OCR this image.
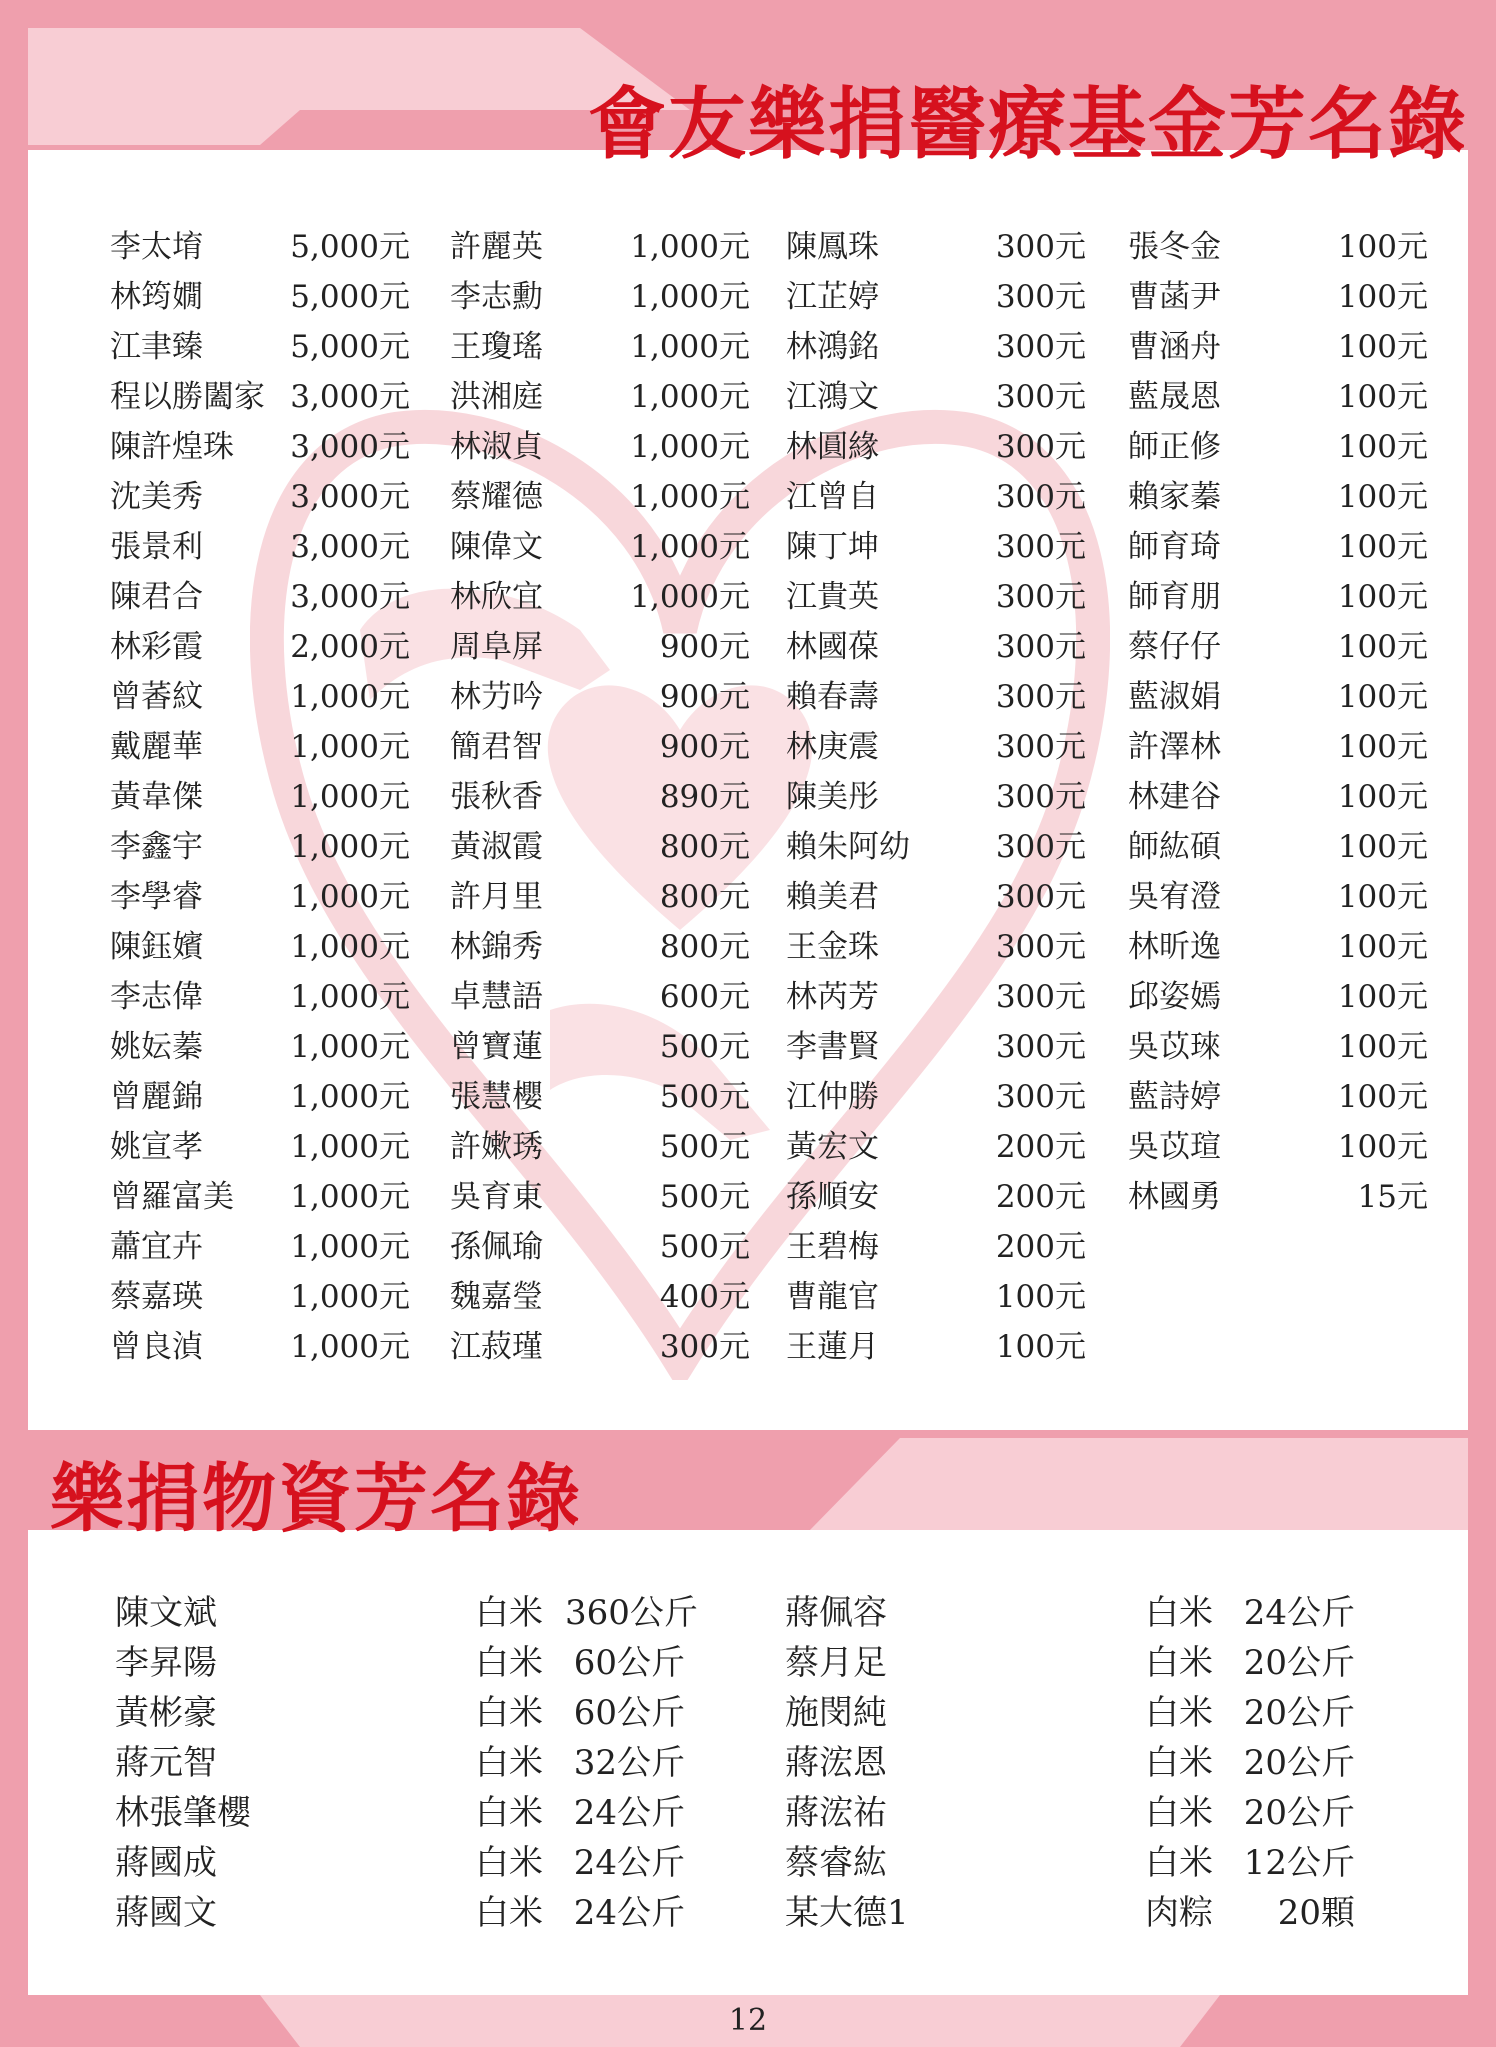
會友樂捐醫療基金芳名錄
樂捐物資芳名錄
李太堉	5,000元
林筠嫺	5,000元
江聿臻	5,000元
程以勝闔家 3,000元
陳許煌珠 3,000元
沈美秀	3,000元
張景利	3,000元
陳君合	3,000元
林彩霞	2,000元
曾萫紋	1,000元
戴麗華	1,000元
黃韋傑	1,000元
李鑫宇	1,000元
李學睿	1,000元
陳鈺嬪	1,000元
李志偉	1,000元
姚妘蓁	1,000元
曾麗錦	1,000元
姚宣孝	1,000元
曾羅富美 1,000元
蕭宜卉	1,000元
蔡嘉瑛	1,000元
曾良湞	1,000元
許麗英	1,000元
李志勳	1,000元
王瓊瑤	1,000元
洪湘庭	1,000元
林淑貞	1,000元
蔡耀德	1,000元
陳偉文	1,000元
林欣宜	1,000元
周阜屏	900元
林芀吟	900元
簡君智	900元
張秋香	890元
黃淑霞	800元
許月里	800元
林錦秀	800元
卓慧語	600元
曾寶蓮	500元
張慧櫻	500元
許嫰琇	500元
吳育東	500元
孫佩瑜	500元
魏嘉瑩	400元
江菽瑾	300元
陳鳳珠	300元
江芷婷	300元
林鴻銘	300元
江鴻文	300元
林圓緣	300元
江曾自	300元
陳丁坤	300元
江貴英	300元
林國葆	300元
賴春壽	300元
林庚震	300元
陳美彤	300元
賴朱阿幼	300元
賴美君	300元
王金珠	300元
林芮芳	300元
李書賢	300元
江仲勝	300元
黃宏文	200元
孫順安	200元
王碧梅	200元
曹龍官	100元
王蓮月	100元
張冬金	100元
曹菡尹	100元
曹涵舟	100元
藍晟恩	100元
師正修	100元
賴家蓁	100元
師育琦	100元
師育朋	100元
蔡仔仔	100元
藍淑娟	100元
許澤林	100元
林建谷	100元
師紘碩	100元
吳宥澄	100元
林昕逸	100元
邱姿嫣	100元
吳苡琜	100元
藍詩婷	100元
吳苡瑄	100元
林國勇	15元
陳文斌	白米 360公斤
李昇陽	白米 60公斤
黃彬豪	白米 60公斤
蔣元智	白米 32公斤
林張肇櫻	白米 24公斤
蔣國成	白米 24公斤
蔣國文	白米 24公斤
蔣佩容	白米 24公斤
蔡月足	白米 20公斤
施閔純	白米 20公斤
蔣浤恩	白米 20公斤
蔣浤祐	白米 20公斤
蔡睿紘	白米 12公斤
某大德1	肉粽	20顆
12
